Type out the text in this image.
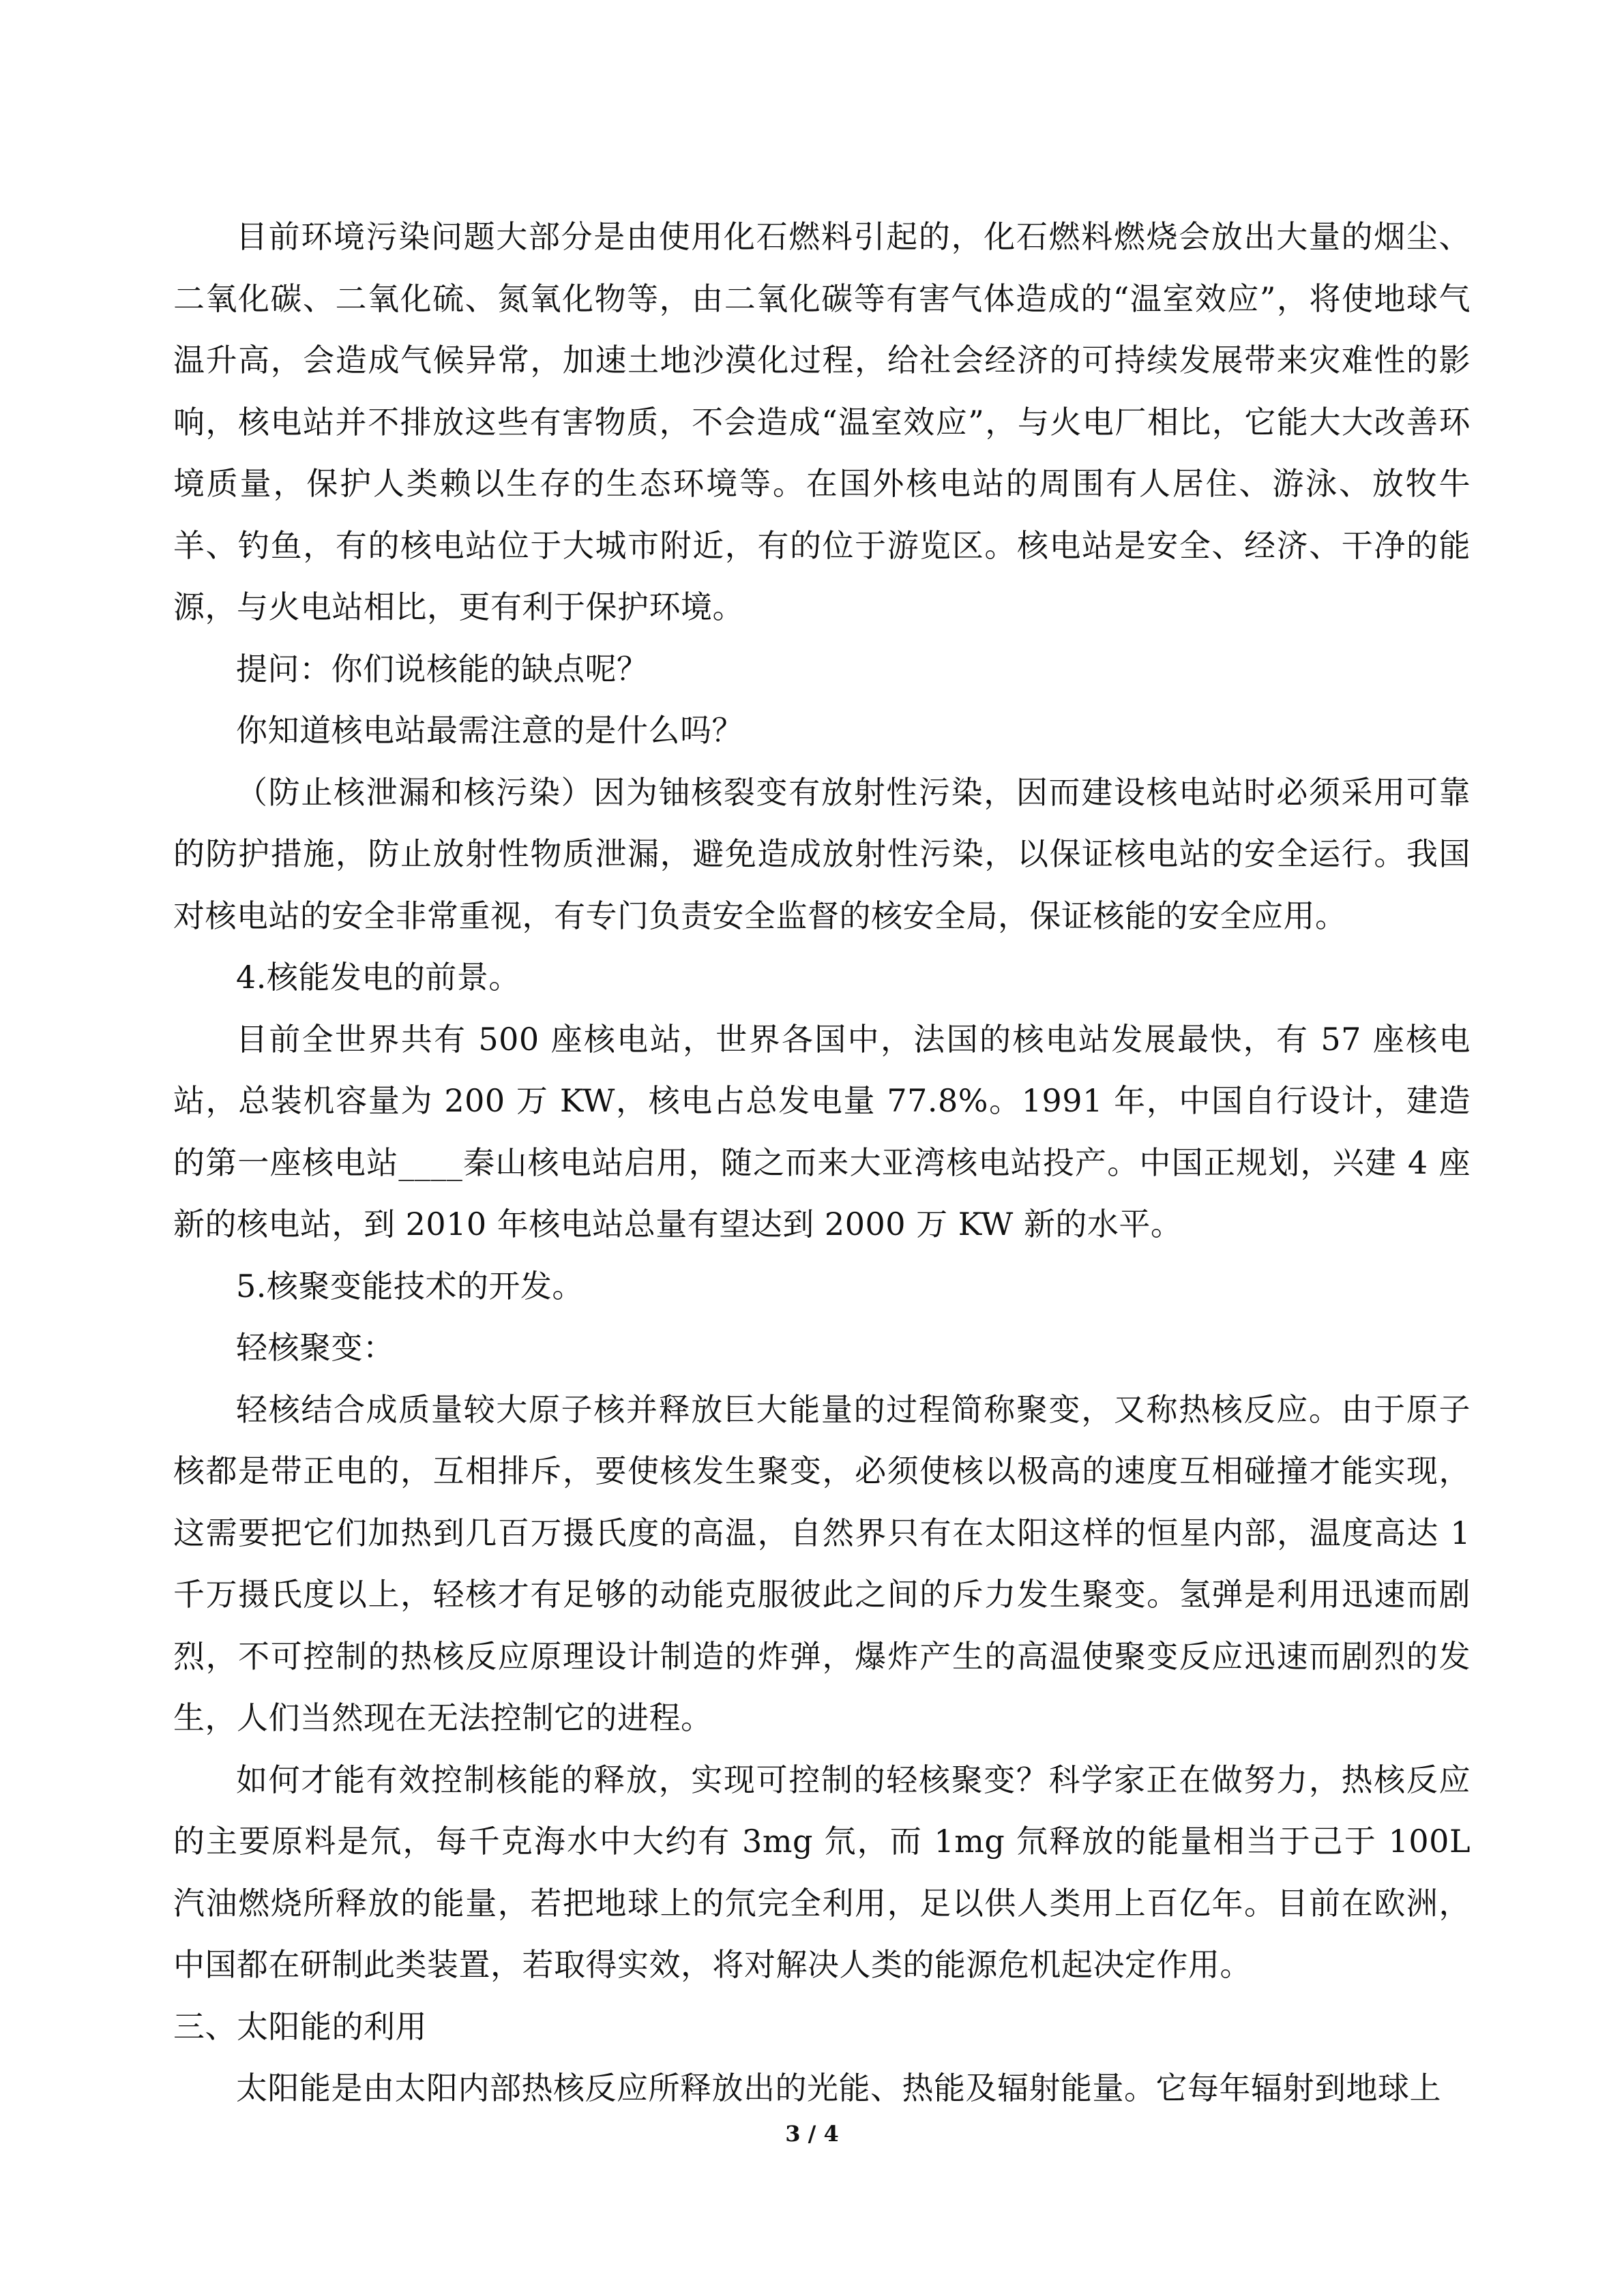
目前环境污染问题大部分是由使用化石燃料引起的，化石燃料燃烧会放出大量的烟尘、二氧化碳、二氧化硫、氮氧化物等，由二氧化碳等有害气体造成的“温室效应”，将使地球气温升高，会造成气候异常，加速土地沙漠化过程，给社会经济的可持续发展带来灾难性的影响，核电站并不排放这些有害物质，不会造成“温室效应”，与火电厂相比，它能大大改善环境质量，保护人类赖以生存的生态环境等。在国外核电站的周围有人居住、游泳、放牧牛羊、钓鱼，有的核电站位于大城市附近，有的位于游览区。核电站是安全、经济、干净的能源，与火电站相比，更有利于保护环境。

提问：你们说核能的缺点呢？

你知道核电站最需注意的是什么吗？

（防止核泄漏和核污染）因为铀核裂变有放射性污染，因而建设核电站时必须采用可靠的防护措施，防止放射性物质泄漏，避免造成放射性污染，以保证核电站的安全运行。我国对核电站的安全非常重视，有专门负责安全监督的核安全局，保证核能的安全应用。

4.核能发电的前景。

目前全世界共有 500 座核电站，世界各国中，法国的核电站发展最快，有 57 座核电站，总装机容量为 200 万 KW，核电占总发电量 77.8%。1991 年，中国自行设计，建造的第一座核电站____秦山核电站启用，随之而来大亚湾核电站投产。中国正规划，兴建 4 座新的核电站，到 2010 年核电站总量有望达到 2000 万 KW 新的水平。

5.核聚变能技术的开发。

轻核聚变：

轻核结合成质量较大原子核并释放巨大能量的过程简称聚变，又称热核反应。由于原子核都是带正电的，互相排斥，要使核发生聚变，必须使核以极高的速度互相碰撞才能实现，这需要把它们加热到几百万摄氏度的高温，自然界只有在太阳这样的恒星内部，温度高达 1 千万摄氏度以上，轻核才有足够的动能克服彼此之间的斥力发生聚变。氢弹是利用迅速而剧烈，不可控制的热核反应原理设计制造的炸弹，爆炸产生的高温使聚变反应迅速而剧烈的发生，人们当然现在无法控制它的进程。

如何才能有效控制核能的释放，实现可控制的轻核聚变？科学家正在做努力，热核反应的主要原料是氘，每千克海水中大约有 3mg 氘，而 1mg 氘释放的能量相当于己于 100L 汽油燃烧所释放的能量，若把地球上的氘完全利用，足以供人类用上百亿年。目前在欧洲，中国都在研制此类装置，若取得实效，将对解决人类的能源危机起决定作用。

三、太阳能的利用

太阳能是由太阳内部热核反应所释放出的光能、热能及辐射能量。它每年辐射到地球上

3 / 4
